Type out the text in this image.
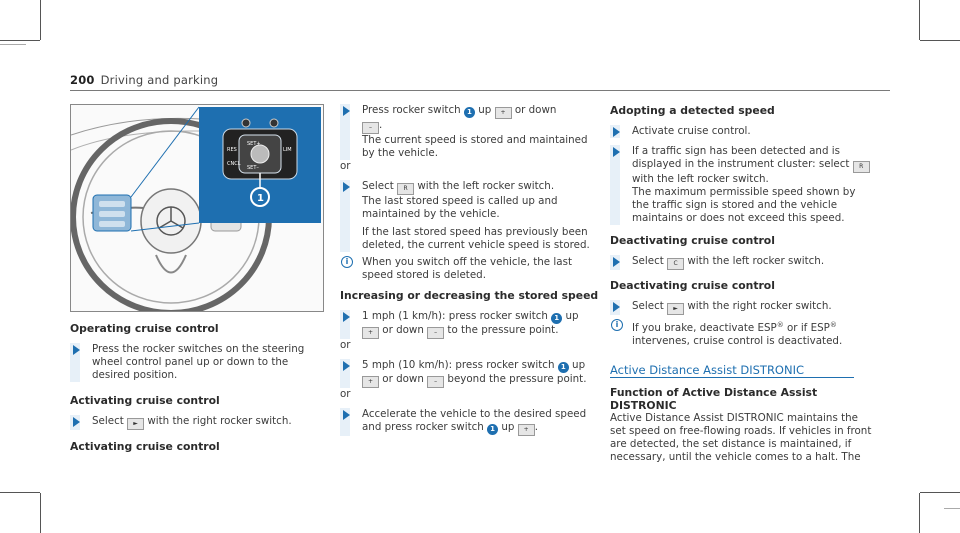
200 Driving and parking
SET+
SET–
RES
CNCL
LIM
1

Operating cruise control

Press the rocker switches on the steering wheel control panel up or down to the desired position.

Activating cruise control

Select ► with the right rocker switch.

Activating cruise control

Press rocker switch 1 up + or down
– .
The current speed is stored and maintained by the vehicle.

or

Select R with the left rocker switch.
The last stored speed is called up and maintained by the vehicle.
If the last stored speed has previously been deleted, the current vehicle speed is stored.
i	When you switch off the vehicle, the last speed stored is deleted.

Increasing or decreasing the stored speed

1 mph (1 km/h): press rocker switch 1 up
+ or down – to the pressure point.

or

5 mph (10 km/h): press rocker switch 1 up
+ or down – beyond the pressure point.

or

Accelerate the vehicle to the desired speed and press rocker switch 1 up + .

Adopting a detected speed

Activate cruise control.
If a traffic sign has been detected and is displayed in the instrument cluster: select R
with the left rocker switch.
The maximum permissible speed shown by the traffic sign is stored and the vehicle maintains or does not exceed this speed.

Deactivating cruise control

Select C with the left rocker switch.

Deactivating cruise control

Select ► with the right rocker switch.
i	If you brake, deactivate ESP® or if ESP® intervenes, cruise control is deactivated.
Active Distance Assist DISTRONIC

Function of Active Distance Assist DISTRONIC

Active Distance Assist DISTRONIC maintains the set speed on free-flowing roads. If vehicles in front are detected, the set distance is maintained, if necessary, until the vehicle comes to a halt. The
